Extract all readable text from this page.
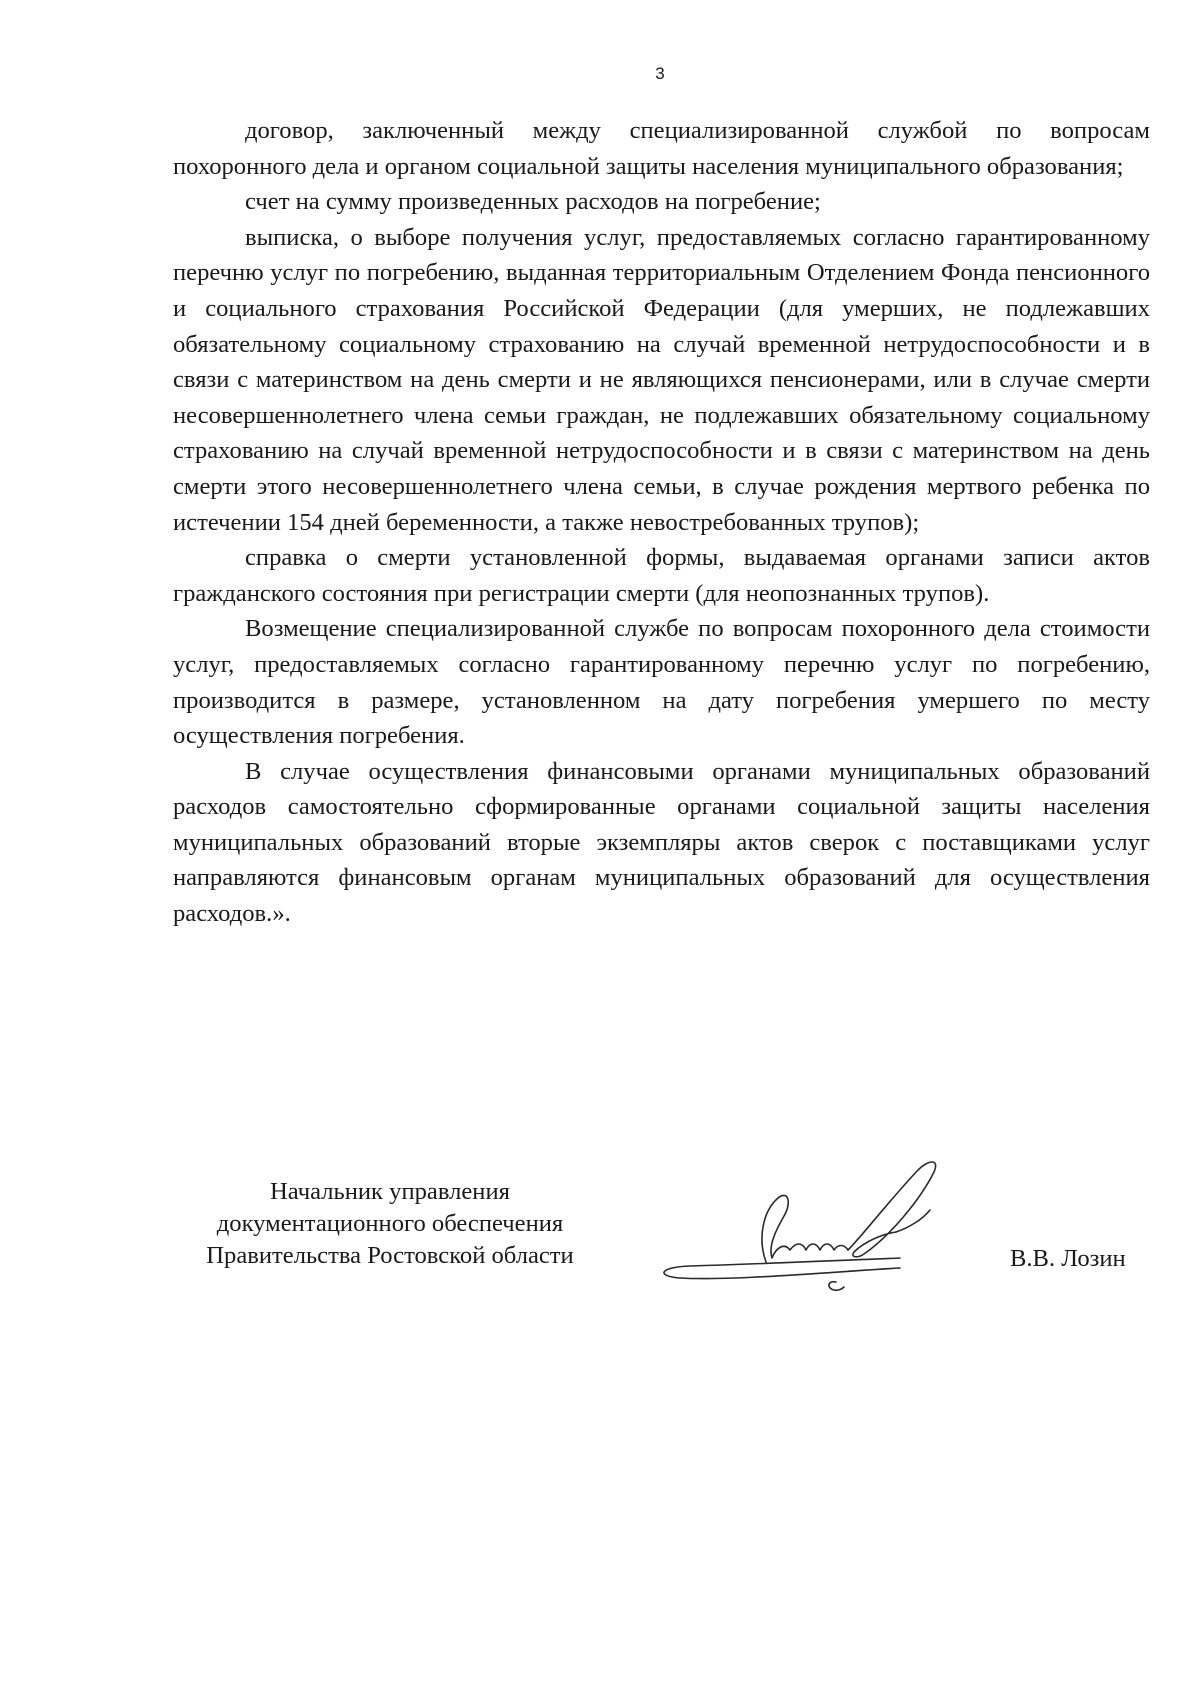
3

договор, заключенный между специализированной службой по вопросам похоронного дела и органом социальной защиты населения муниципального образования;

счет на сумму произведенных расходов на погребение;

выписка, о выборе получения услуг, предоставляемых согласно гарантированному перечню услуг по погребению, выданная территориальным Отделением Фонда пенсионного и социального страхования Российской Федерации (для умерших, не подлежавших обязательному социальному страхованию на случай временной нетрудоспособности и в связи с материнством на день смерти и не являющихся пенсионерами, или в случае смерти несовершеннолетнего члена семьи граждан, не подлежавших обязательному социальному страхованию на случай временной нетрудоспособности и в связи с материнством на день смерти этого несовершеннолетнего члена семьи, в случае рождения мертвого ребенка по истечении 154 дней беременности, а также невостребованных трупов);

справка о смерти установленной формы, выдаваемая органами записи актов гражданского состояния при регистрации смерти (для неопознанных трупов).

Возмещение специализированной службе по вопросам похоронного дела стоимости услуг, предоставляемых согласно гарантированному перечню услуг по погребению, производится в размере, установленном на дату погребения умершего по месту осуществления погребения.

В случае осуществления финансовыми органами муниципальных образований расходов самостоятельно сформированные органами социальной защиты населения муниципальных образований вторые экземпляры актов сверок с поставщиками услуг направляются финансовым органам муниципальных образований для осуществления расходов.».

Начальник управления
документационного обеспечения
Правительства Ростовской области	В.В. Лозин
